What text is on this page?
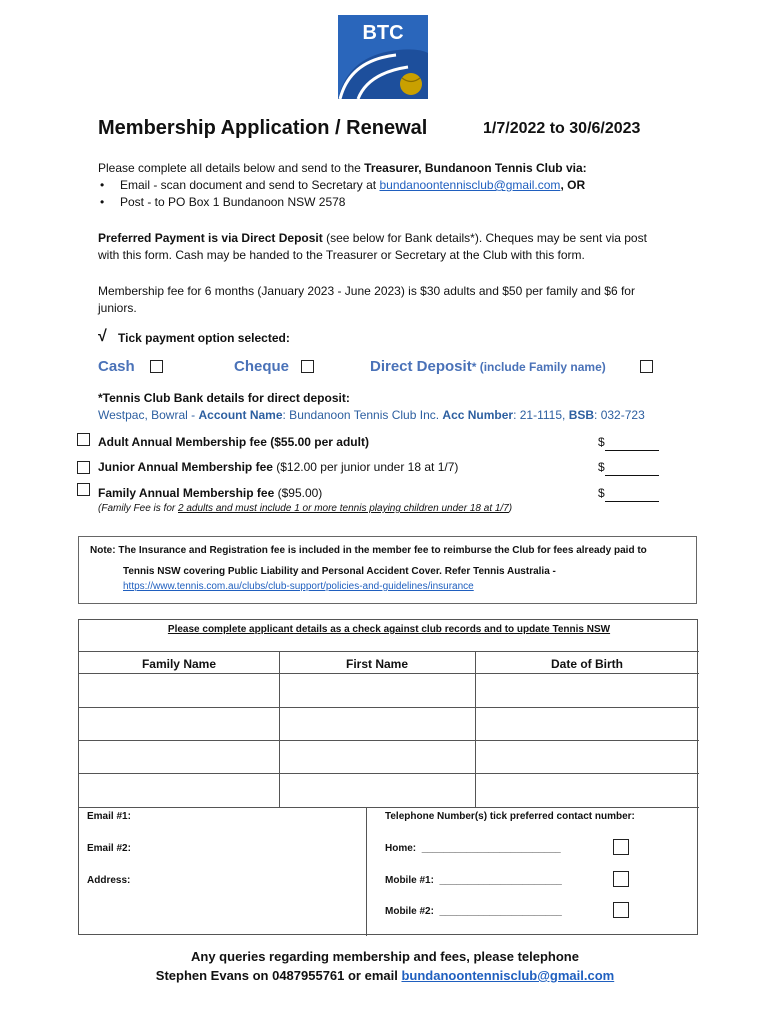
BTC
Membership Application / Renewal	1/7/2022 to 30/6/2023
Please complete all details below and send to the Treasurer, Bundanoon Tennis Club via:
• Email - scan document and send to Secretary at bundanoontennisclub@gmail.com, OR
• Post - to PO Box 1 Bundanoon NSW 2578
Preferred Payment is via Direct Deposit (see below for Bank details*). Cheques may be sent via post
with this form. Cash may be handed to the Treasurer or Secretary at the Club with this form.
Membership fee for 6 months (January 2023 - June 2023) is $30 adults and $50 per family and $6 for
juniors.
√ Tick payment option selected:
Cash	Cheque	Direct Deposit* (include Family name)
*Tennis Club Bank details for direct deposit:
Westpac, Bowral - Account Name: Bundanoon Tennis Club Inc. Acc Number: 21-1115, BSB: 032-723
Adult Annual Membership fee ($55.00 per adult)	$
Junior Annual Membership fee ($12.00 per junior under 18 at 1/7)	$
Family Annual Membership fee ($95.00)	$
(Family Fee is for 2 adults and must include 1 or more tennis playing children under 18 at 1/7)
Note: The Insurance and Registration fee is included in the member fee to reimburse the Club for fees already paid to
Tennis NSW covering Public Liability and Personal Accident Cover. Refer Tennis Australia -
https://www.tennis.com.au/clubs/club-support/policies-and-guidelines/insurance
Please complete applicant details as a check against club records and to update Tennis NSW
Family Name	First Name	Date of Birth
Email #1:
Email #2:
Address:
Telephone Number(s) tick preferred contact number:
Home: _________________________
Mobile #1: ______________________
Mobile #2: ______________________
Any queries regarding membership and fees, please telephone
Stephen Evans on 0487955761 or email bundanoontennisclub@gmail.com
